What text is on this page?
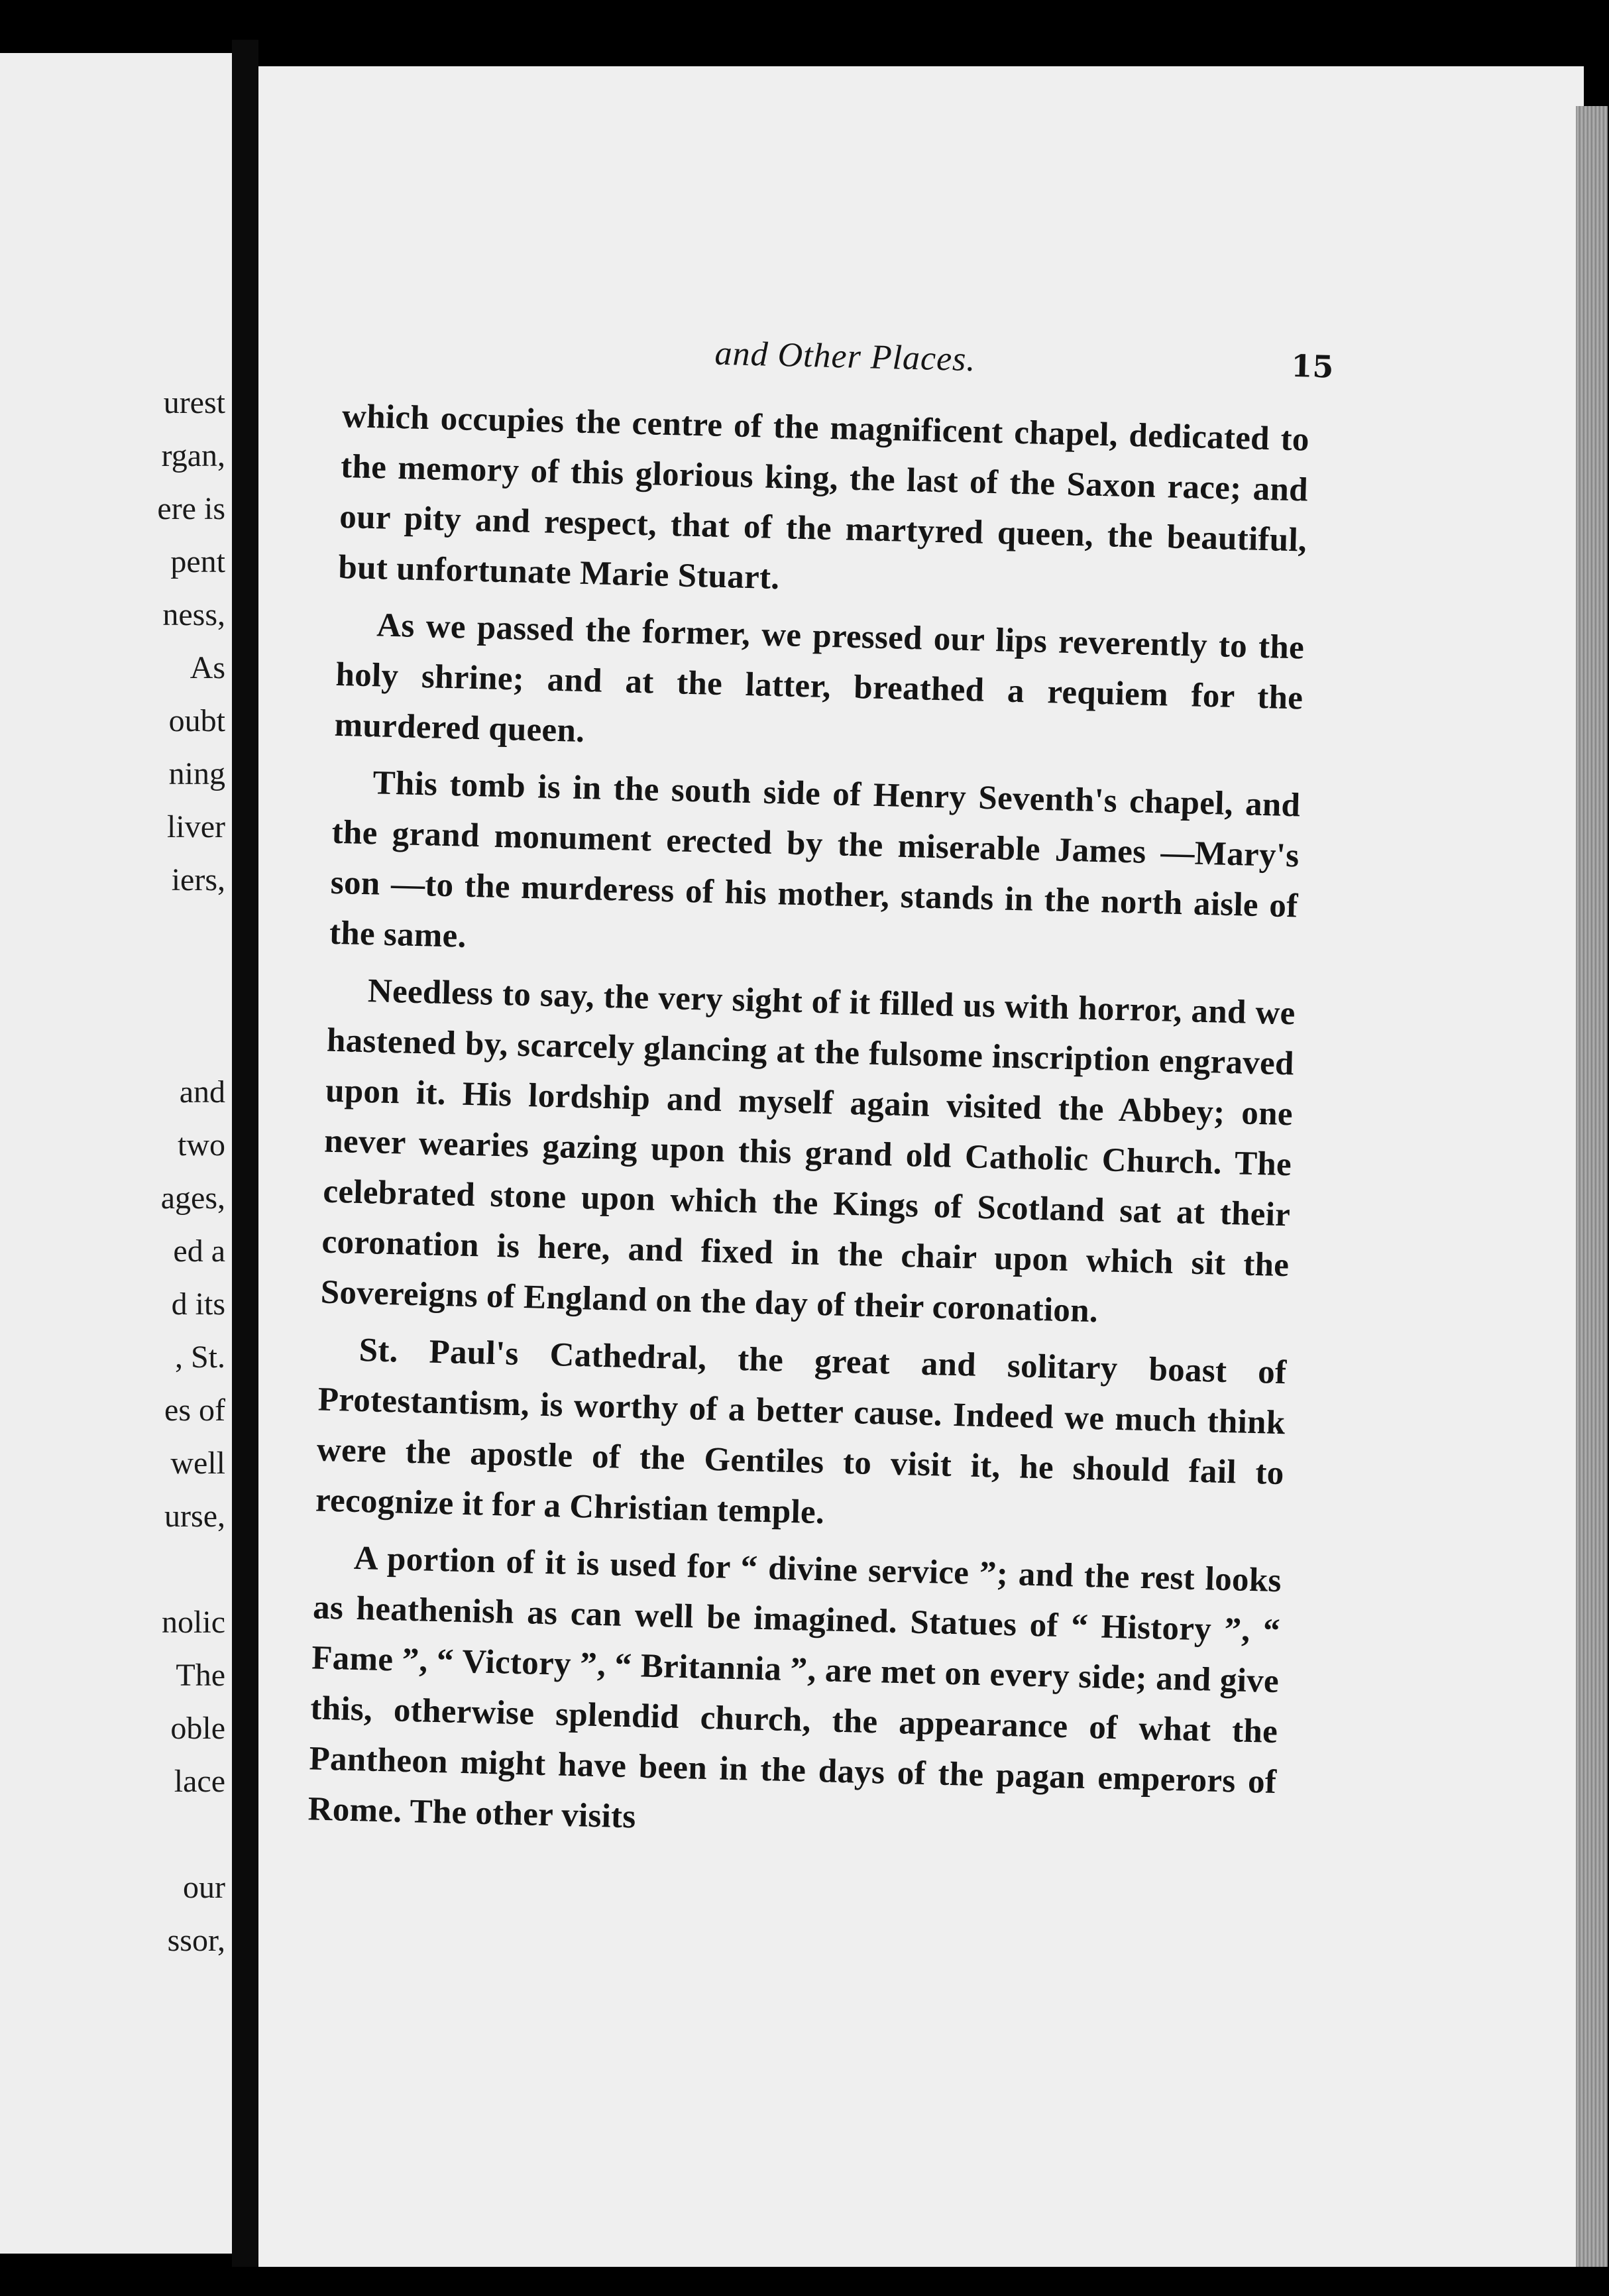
urest
rgan,
ere is
pent
ness,
As
oubt
ning
liver
iers,
and
two
ages,
ed a
d its
, St.
es of
well
urse,
nolic
The
oble
lace
our
ssor,
and Other Places.	15

which occupies the centre of the magnificent chapel, dedicated to the memory of this glorious king, the last of the Saxon race; and our pity and respect, that of the martyred queen, the beautiful, but unfortunate Marie Stuart.

As we passed the former, we pressed our lips reverently to the holy shrine; and at the latter, breathed a requiem for the murdered queen.

This tomb is in the south side of Henry Seventh's chapel, and the grand monument erected by the miserable James —Mary's son —to the murderess of his mother, stands in the north aisle of the same.

Needless to say, the very sight of it filled us with horror, and we hastened by, scarcely glancing at the fulsome inscription engraved upon it. His lordship and myself again visited the Abbey; one never wearies gazing upon this grand old Catholic Church. The celebrated stone upon which the Kings of Scotland sat at their coronation is here, and fixed in the chair upon which sit the Sovereigns of England on the day of their coronation.

St. Paul's Cathedral, the great and solitary boast of Protestantism, is worthy of a better cause. Indeed we much think were the apostle of the Gentiles to visit it, he should fail to recognize it for a Christian temple.

A portion of it is used for “ divine service ”; and the rest looks as heathenish as can well be imagined. Statues of “ History ”, “ Fame ”, “ Victory ”, “ Britannia ”, are met on every side; and give this, otherwise splendid church, the appearance of what the Pantheon might have been in the days of the pagan emperors of Rome. The other visits
